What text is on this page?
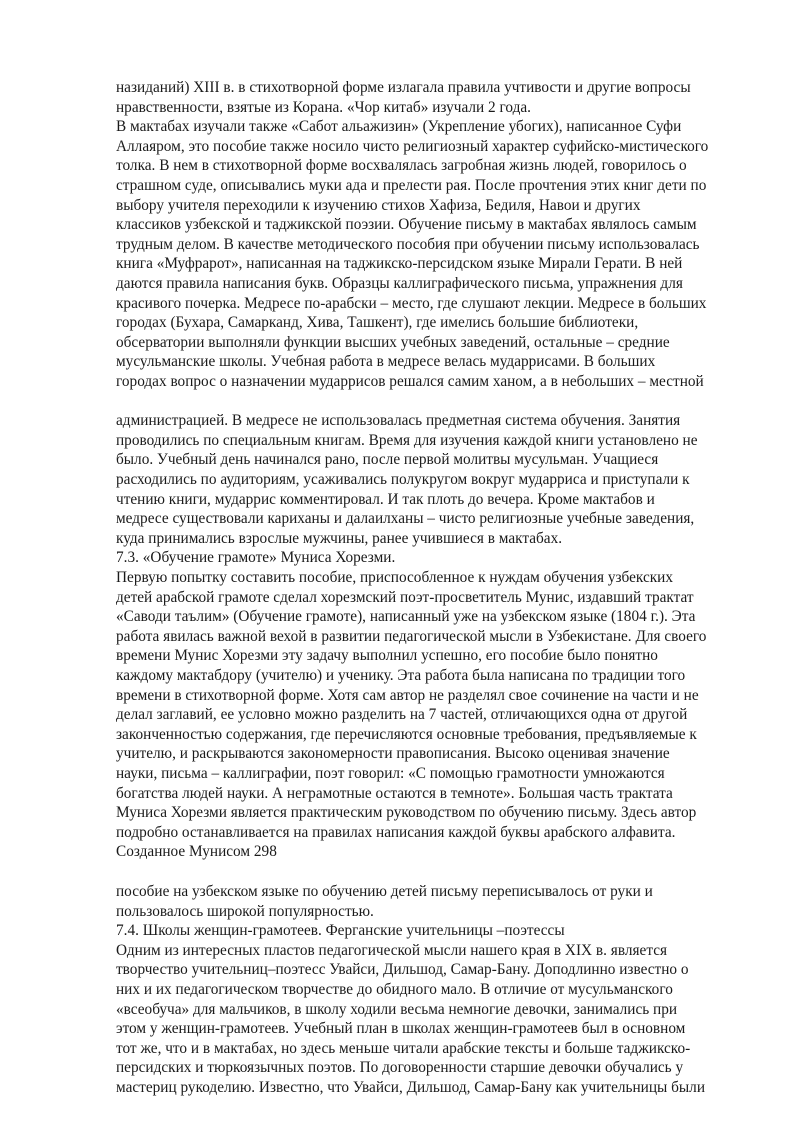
назиданий) XIII в. в стихотворной форме излагала правила учтивости и другие вопросы

нравственности, взятые из Корана. «Чор китаб» изучали 2 года.

В мактабах изучали также «Сабот альажизин» (Укрепление убогих), написанное Суфи

Аллаяром, это пособие также носило чисто религиозный характер суфийско-мистического

толка. В нем в стихотворной форме восхвалялась загробная жизнь людей, говорилось о

страшном суде, описывались муки ада и прелести рая. После прочтения этих книг дети по

выбору учителя переходили к изучению стихов Хафиза, Бедиля, Навои и других

классиков узбекской и таджикской поэзии. Обучение письму в мактабах являлось самым

трудным делом. В качестве методического пособия при обучении письму использовалась

книга «Муфрарот», написанная на таджикско-персидском языке Мирали Герати. В ней

даются правила написания букв. Образцы каллиграфического письма, упражнения для

красивого почерка. Медресе по-арабски – место, где слушают лекции. Медресе в больших

городах (Бухара, Самарканд, Хива, Ташкент), где имелись большие библиотеки,

обсерватории выполняли функции высших учебных заведений, остальные – средние

мусульманские школы. Учебная работа в медресе велась мударрисами. В больших

городах вопрос о назначении мударрисов решался самим ханом, а в небольших – местной

администрацией. В медресе не использовалась предметная система обучения. Занятия

проводились по специальным книгам. Время для изучения каждой книги установлено не

было. Учебный день начинался рано, после первой молитвы мусульман. Учащиеся

расходились по аудиториям, усаживались полукругом вокруг мударриса и приступали к

чтению книги, мударрис комментировал. И так плоть до вечера. Кроме мактабов и

медресе существовали кариханы и далаилханы – чисто религиозные учебные заведения,

куда принимались взрослые мужчины, ранее учившиеся в мактабах.

7.3. «Обучение грамоте» Муниса Хорезми.

Первую попытку составить пособие, приспособленное к нуждам обучения узбекских

детей арабской грамоте сделал хорезмский поэт-просветитель Мунис, издавший трактат

«Саводи таълим» (Обучение грамоте), написанный уже на узбекском языке (1804 г.). Эта

работа явилась важной вехой в развитии педагогической мысли в Узбекистане. Для своего

времени Мунис Хорезми эту задачу выполнил успешно, его пособие было понятно

каждому мактабдору (учителю) и ученику. Эта работа была написана по традиции того

времени в стихотворной форме. Хотя сам автор не разделял свое сочинение на части и не

делал заглавий, ее условно можно разделить на 7 частей, отличающихся одна от другой

законченностью содержания, где перечисляются основные требования, предъявляемые к

учителю, и раскрываются закономерности правописания. Высоко оценивая значение

науки, письма – каллиграфии, поэт говорил: «С помощью грамотности умножаются

богатства людей науки. А неграмотные остаются в темноте». Большая часть трактата

Муниса Хорезми является практическим руководством по обучению письму. Здесь автор

подробно останавливается на правилах написания каждой буквы арабского алфавита.

Созданное Мунисом 298

пособие на узбекском языке по обучению детей письму переписывалось от руки и

пользовалось широкой популярностью.

7.4. Школы женщин-грамотеев. Ферганские учительницы –поэтессы

Одним из интересных пластов педагогической мысли нашего края в XIX в. является

творчество учительниц–поэтесс Увайси, Дильшод, Самар-Бану. Доподлинно известно о

них и их педагогическом творчестве до обидного мало. В отличие от мусульманского

«всеобуча» для мальчиков, в школу ходили весьма немногие девочки, занимались при

этом у женщин-грамотеев. Учебный план в школах женщин-грамотеев был в основном

тот же, что и в мактабах, но здесь меньше читали арабские тексты и больше таджикско-

персидских и тюркоязычных поэтов. По договоренности старшие девочки обучались у

мастериц рукоделию. Известно, что Увайси, Дильшод, Самар-Бану как учительницы были
